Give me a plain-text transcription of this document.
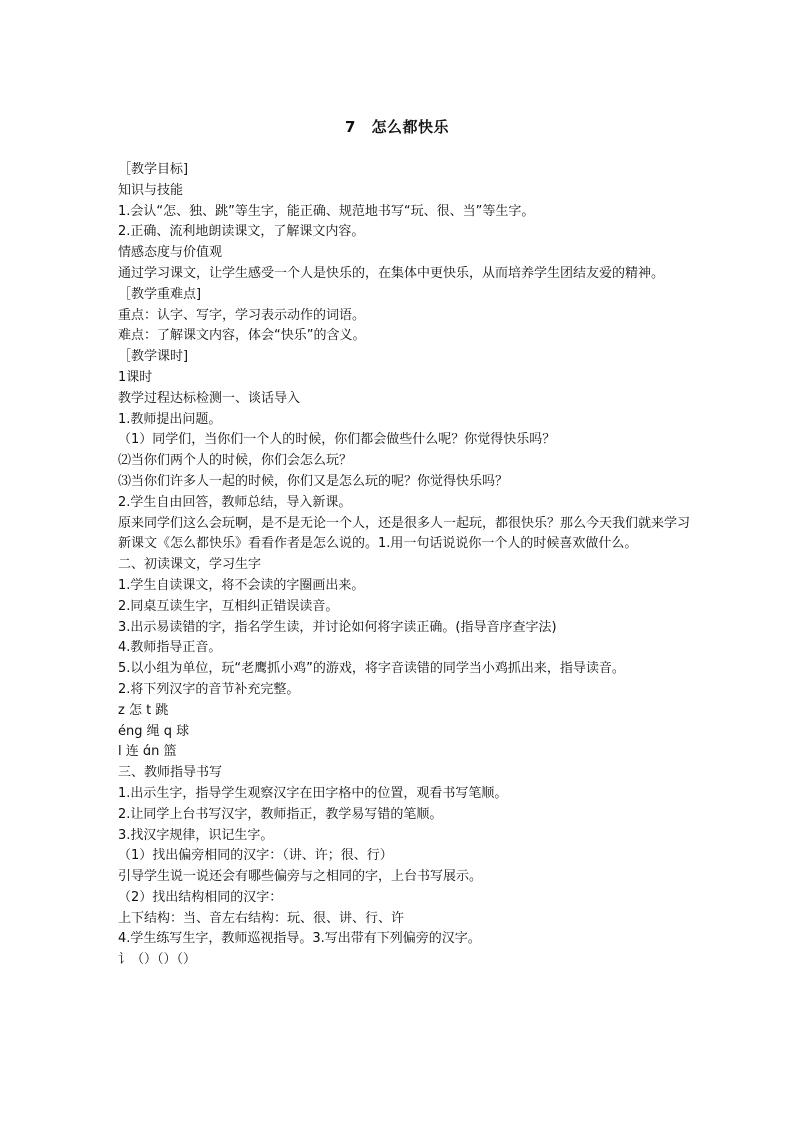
7　怎么都快乐

［教学目标]

知识与技能

1.会认“怎、独、跳”等生字，能正确、规范地书写“玩、很、当”等生字。

2.正确、流利地朗读课文，了解课文内容。

情感态度与价值观

通过学习课文，让学生感受一个人是快乐的，在集体中更快乐，从而培养学生团结友爱的精神。

［教学重难点]

重点：认字、写字，学习表示动作的词语。

难点：了解课文内容，体会“快乐”的含义。

［教学课时]

1课时

教学过程达标检测一、谈话导入

1.教师提出问题。

（1）同学们，当你们一个人的时候，你们都会做些什么呢？你觉得快乐吗？

⑵当你们两个人的时候，你们会怎么玩？

⑶当你们许多人一起的时候，你们又是怎么玩的呢？你觉得快乐吗？

2.学生自由回答，教师总结，导入新课。

原来同学们这么会玩啊，是不是无论一个人，还是很多人一起玩，都很快乐？那么今天我们就来学习新课文《怎么都快乐》看看作者是怎么说的。1.用一句话说说你一个人的时候喜欢做什么。

二、初读课文，学习生字

1.学生自读课文，将不会读的字圈画出来。

2.同桌互读生字，互相纠正错误读音。

3.出示易读错的字，指名学生读，并讨论如何将字读正确。(指导音序查字法)

4.教师指导正音。

5.以小组为单位，玩“老鹰抓小鸡”的游戏，将字音读错的同学当小鸡抓出来，指导读音。

2.将下列汉字的音节补充完整。

z 怎 t 跳

éng 绳 q 球

l 连 ɑ́n 篮

三、教师指导书写

1.出示生字，指导学生观察汉字在田字格中的位置，观看书写笔顺。

2.让同学上台书写汉字，教师指正，教学易写错的笔顺。

3.找汉字规律，识记生字。

（1）找出偏旁相同的汉字：（讲、许；很、行）

引导学生说一说还会有哪些偏旁与之相同的字，上台书写展示。

（2）找出结构相同的汉字：

上下结构：当、音左右结构：玩、很、讲、行、许

4.学生练写生字，教师巡视指导。3.写出带有下列偏旁的汉字。

讠（）（）（）
